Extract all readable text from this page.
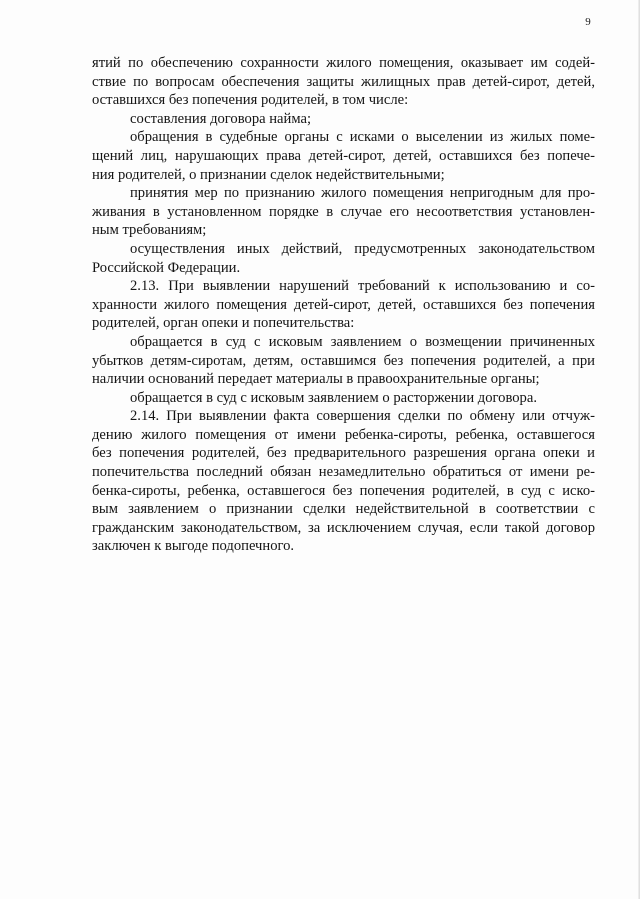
9

ятий по обеспечению сохранности жилого помещения, оказывает им содей-
ствие по вопросам обеспечения защиты жилищных прав детей-сирот, детей,
оставшихся без попечения родителей, в том числе:

составления договора найма;

обращения в судебные органы с исками о выселении из жилых поме-
щений лиц, нарушающих права детей-сирот, детей, оставшихся без попече-
ния родителей, о признании сделок недействительными;

принятия мер по признанию жилого помещения непригодным для про-
живания в установленном порядке в случае его несоответствия установлен-
ным требованиям;

осуществления иных действий, предусмотренных законодательством
Российской Федерации.

2.13. При выявлении нарушений требований к использованию и со-
хранности жилого помещения детей-сирот, детей, оставшихся без попечения
родителей, орган опеки и попечительства:

обращается в суд с исковым заявлением о возмещении причиненных
убытков детям-сиротам, детям, оставшимся без попечения родителей, а при
наличии оснований передает материалы в правоохранительные органы;

обращается в суд с исковым заявлением о расторжении договора.

2.14. При выявлении факта совершения сделки по обмену или отчуж-
дению жилого помещения от имени ребенка-сироты, ребенка, оставшегося
без попечения родителей, без предварительного разрешения органа опеки и
попечительства последний обязан незамедлительно обратиться от имени ре-
бенка-сироты, ребенка, оставшегося без попечения родителей, в суд с иско-
вым заявлением о признании сделки недействительной в соответствии с
гражданским законодательством, за исключением случая, если такой договор
заключен к выгоде подопечного.
